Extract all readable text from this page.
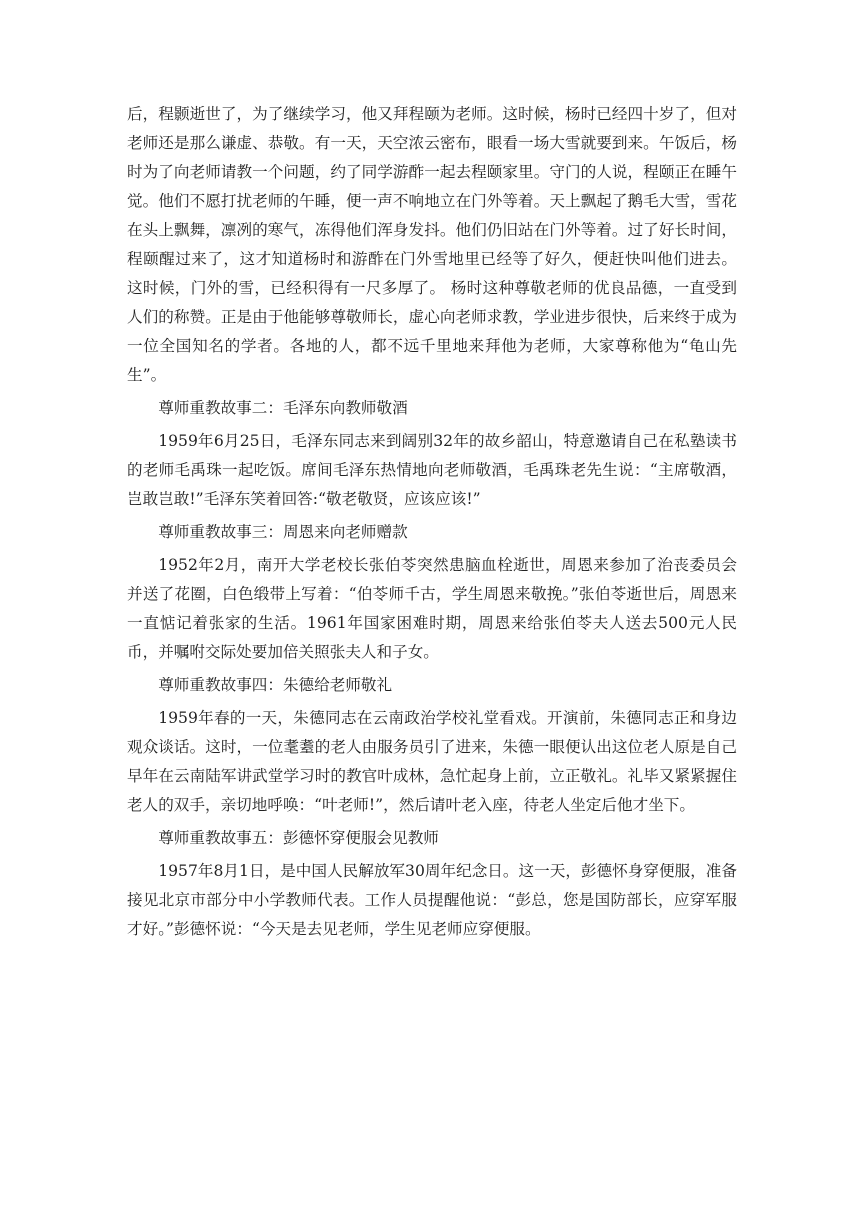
后，程颢逝世了，为了继续学习，他又拜程颐为老师。这时候，杨时已经四十岁了，但对老师还是那么谦虚、恭敬。有一天，天空浓云密布，眼看一场大雪就要到来。午饭后，杨时为了向老师请教一个问题，约了同学游酢一起去程颐家里。守门的人说，程颐正在睡午觉。他们不愿打扰老师的午睡，便一声不响地立在门外等着。天上飘起了鹅毛大雪，雪花在头上飘舞，凛冽的寒气，冻得他们浑身发抖。他们仍旧站在门外等着。过了好长时间，程颐醒过来了，这才知道杨时和游酢在门外雪地里已经等了好久，便赶快叫他们进去。 这时候，门外的雪，已经积得有一尺多厚了。 杨时这种尊敬老师的优良品德，一直受到人们的称赞。正是由于他能够尊敬师长，虚心向老师求教，学业进步很快，后来终于成为一位全国知名的学者。各地的人，都不远千里地来拜他为老师，大家尊称他为“龟山先生”。

尊师重教故事二：毛泽东向教师敬酒

1959年6月25日，毛泽东同志来到阔别32年的故乡韶山，特意邀请自己在私塾读书的老师毛禹珠一起吃饭。席间毛泽东热情地向老师敬酒，毛禹珠老先生说：“主席敬酒，岂敢岂敢!”毛泽东笑着回答:“敬老敬贤，应该应该!”

尊师重教故事三：周恩来向老师赠款

1952年2月，南开大学老校长张伯苓突然患脑血栓逝世，周恩来参加了治丧委员会并送了花圈，白色缎带上写着：“伯苓师千古，学生周恩来敬挽。”张伯苓逝世后，周恩来一直惦记着张家的生活。1961年国家困难时期，周恩来给张伯苓夫人送去500元人民币，并嘱咐交际处要加倍关照张夫人和子女。

尊师重教故事四：朱德给老师敬礼

1959年春的一天，朱德同志在云南政治学校礼堂看戏。开演前，朱德同志正和身边观众谈话。这时，一位耄耋的老人由服务员引了进来，朱德一眼便认出这位老人原是自己早年在云南陆军讲武堂学习时的教官叶成林，急忙起身上前，立正敬礼。礼毕又紧紧握住老人的双手，亲切地呼唤：“叶老师!”，然后请叶老入座，待老人坐定后他才坐下。

尊师重教故事五：彭德怀穿便服会见教师

1957年8月1日，是中国人民解放军30周年纪念日。这一天，彭德怀身穿便服，准备接见北京市部分中小学教师代表。工作人员提醒他说：“彭总，您是国防部长，应穿军服才好。”彭德怀说：“今天是去见老师，学生见老师应穿便服。
